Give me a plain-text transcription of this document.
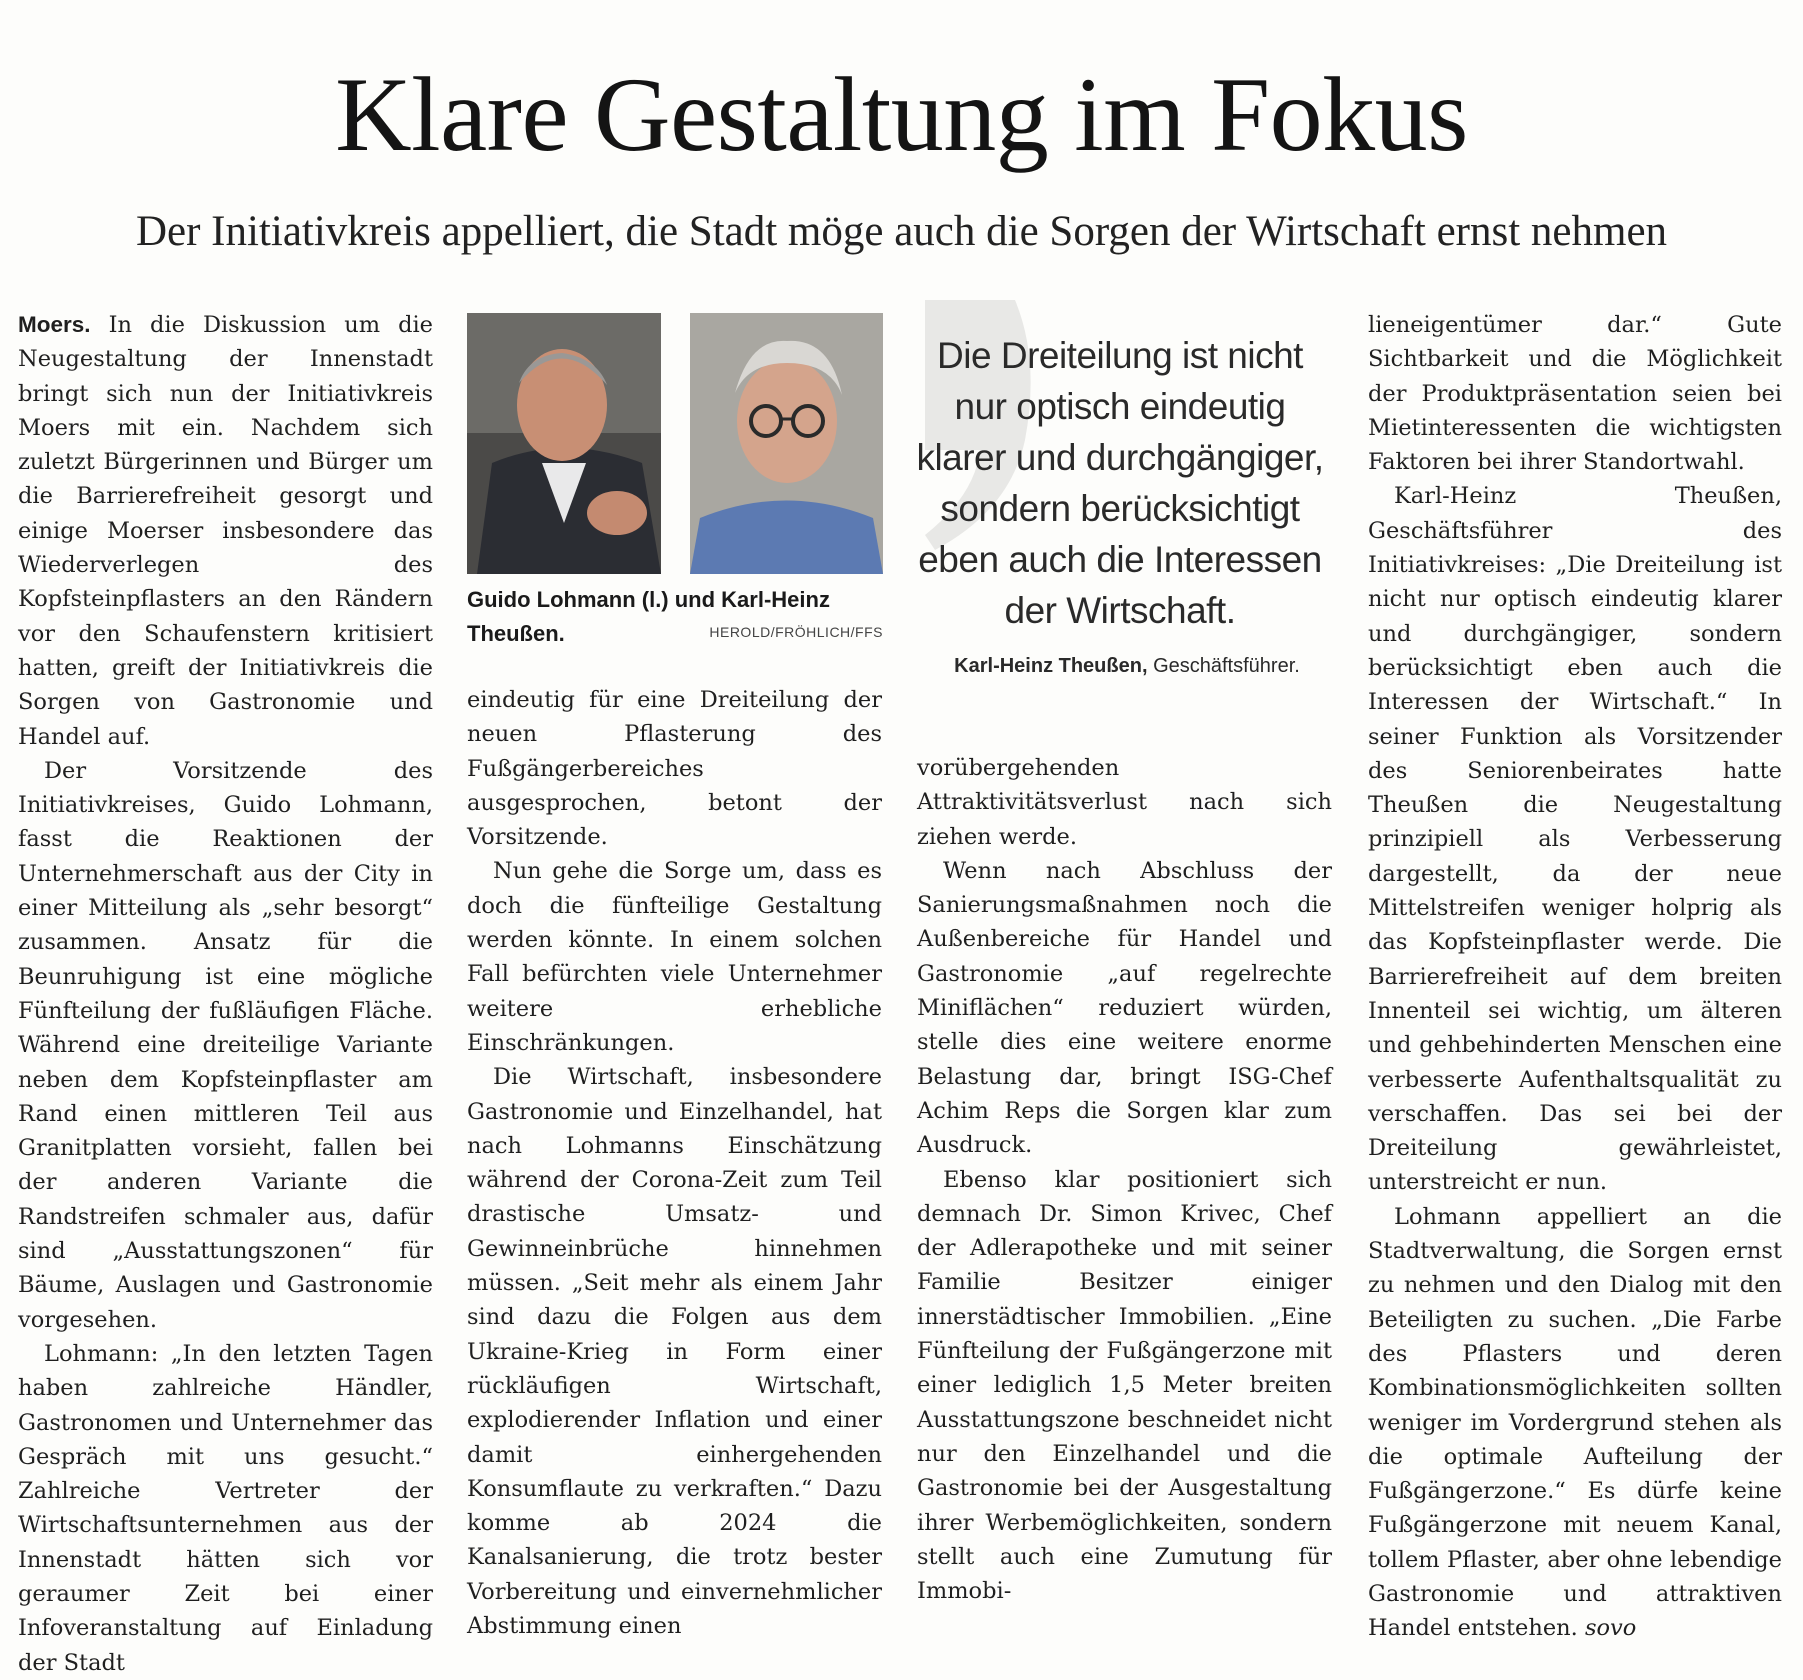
Klare Gestaltung im Fokus
Der Initiativkreis appelliert, die Stadt möge auch die Sorgen der Wirtschaft ernst nehmen

Moers. In die Diskussion um die Neugestaltung der Innenstadt bringt sich nun der Initiativkreis Moers mit ein. Nachdem sich zuletzt Bürgerinnen und Bürger um die Barrierefreiheit gesorgt und einige Moerser insbesondere das Wiederverlegen des Kopfsteinpflasters an den Rändern vor den Schaufenstern kritisiert hatten, greift der Initiativkreis die Sorgen von Gastronomie und Handel auf.

Der Vorsitzende des Initiativkreises, Guido Lohmann, fasst die Reaktionen der Unternehmerschaft aus der City in einer Mitteilung als „sehr besorgt“ zusammen. Ansatz für die Beunruhigung ist eine mögliche Fünfteilung der fußläufigen Fläche. Während eine dreiteilige Variante neben dem Kopfsteinpflaster am Rand einen mittleren Teil aus Granitplatten vorsieht, fallen bei der anderen Variante die Randstreifen schmaler aus, dafür sind „Ausstattungszonen“ für Bäume, Auslagen und Gastronomie vorgesehen.

Lohmann: „In den letzten Tagen haben zahlreiche Händler, Gastronomen und Unternehmer das Gespräch mit uns gesucht.“ Zahlreiche Vertreter der Wirtschaftsunternehmen aus der Innenstadt hätten sich vor geraumer Zeit bei einer Infoveranstaltung auf Einladung der Stadt

Guido Lohmann (l.) und Karl-Heinz Theußen.	HEROLD/FRÖHLICH/FFS

eindeutig für eine Dreiteilung der neuen Pflasterung des Fußgängerbereiches ausgesprochen, betont der Vorsitzende.

Nun gehe die Sorge um, dass es doch die fünfteilige Gestaltung werden könnte. In einem solchen Fall befürchten viele Unternehmer weitere erhebliche Einschränkungen.

Die Wirtschaft, insbesondere Gastronomie und Einzelhandel, hat nach Lohmanns Einschätzung während der Corona-Zeit zum Teil drastische Umsatz- und Gewinneinbrüche hinnehmen müssen. „Seit mehr als einem Jahr sind dazu die Folgen aus dem Ukraine-Krieg in Form einer rückläufigen Wirtschaft, explodierender Inflation und einer damit einhergehenden Konsumflaute zu verkraften.“ Dazu komme ab 2024 die Kanalsanierung, die trotz bester Vorbereitung und einvernehmlicher Abstimmung einen

Die Dreiteilung ist nicht
nur optisch eindeutig
klarer und durchgängiger,
sondern berücksichtigt
eben auch die Interessen
der Wirtschaft.
Karl-Heinz Theußen, Geschäftsführer.

vorübergehenden Attraktivitätsverlust nach sich ziehen werde.

Wenn nach Abschluss der Sanierungsmaßnahmen noch die Außenbereiche für Handel und Gastronomie „auf regelrechte Miniflächen“ reduziert würden, stelle dies eine weitere enorme Belastung dar, bringt ISG-Chef Achim Reps die Sorgen klar zum Ausdruck.

Ebenso klar positioniert sich demnach Dr. Simon Krivec, Chef der Adlerapotheke und mit seiner Familie Besitzer einiger innerstädtischer Immobilien. „Eine Fünfteilung der Fußgängerzone mit einer lediglich 1,5 Meter breiten Ausstattungszone beschneidet nicht nur den Einzelhandel und die Gastronomie bei der Ausgestaltung ihrer Werbemöglichkeiten, sondern stellt auch eine Zumutung für Immobi-

lieneigentümer dar.“ Gute Sichtbarkeit und die Möglichkeit der Produktpräsentation seien bei Mietinteressenten die wichtigsten Faktoren bei ihrer Standortwahl.

Karl-Heinz Theußen, Geschäftsführer des Initiativkreises: „Die Dreiteilung ist nicht nur optisch eindeutig klarer und durchgängiger, sondern berücksichtigt eben auch die Interessen der Wirtschaft.“ In seiner Funktion als Vorsitzender des Seniorenbeirates hatte Theußen die Neugestaltung prinzipiell als Verbesserung dargestellt, da der neue Mittelstreifen weniger holprig als das Kopfsteinpflaster werde. Die Barrierefreiheit auf dem breiten Innenteil sei wichtig, um älteren und gehbehinderten Menschen eine verbesserte Aufenthaltsqualität zu verschaffen. Das sei bei der Dreiteilung gewährleistet, unterstreicht er nun.

Lohmann appelliert an die Stadtverwaltung, die Sorgen ernst zu nehmen und den Dialog mit den Beteiligten zu suchen. „Die Farbe des Pflasters und deren Kombinationsmöglichkeiten sollten weniger im Vordergrund stehen als die optimale Aufteilung der Fußgängerzone.“ Es dürfe keine Fußgängerzone mit neuem Kanal, tollem Pflaster, aber ohne lebendige Gastronomie und attraktiven Handel entstehen. sovo
